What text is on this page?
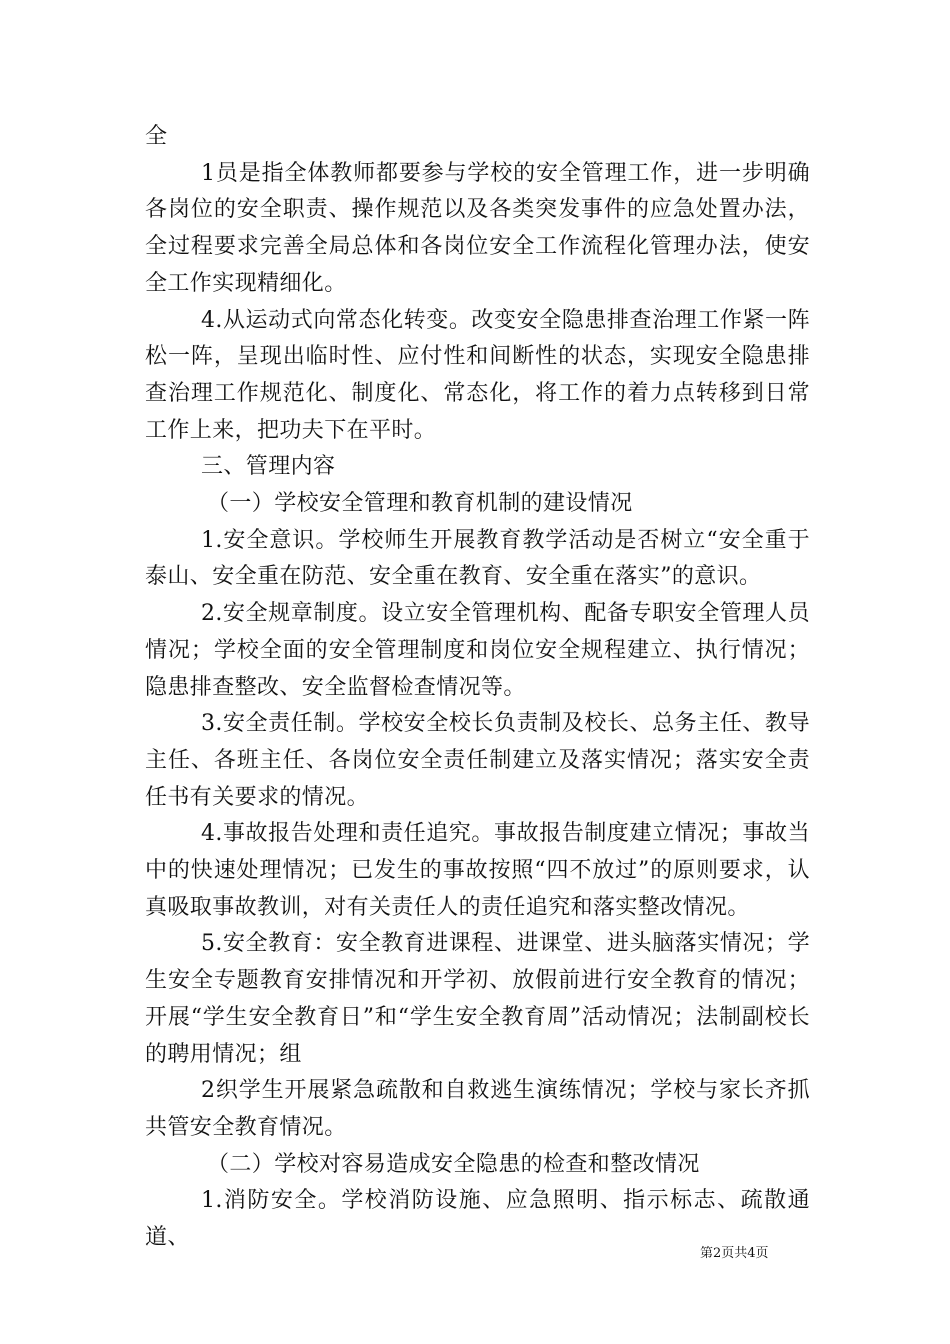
全

1员是指全体教师都要参与学校的安全管理工作，进一步明确各岗位的安全职责、操作规范以及各类突发事件的应急处置办法，全过程要求完善全局总体和各岗位安全工作流程化管理办法，使安全工作实现精细化。

4.从运动式向常态化转变。改变安全隐患排查治理工作紧一阵松一阵，呈现出临时性、应付性和间断性的状态，实现安全隐患排查治理工作规范化、制度化、常态化，将工作的着力点转移到日常工作上来，把功夫下在平时。

三、管理内容

（一）学校安全管理和教育机制的建设情况

1.安全意识。学校师生开展教育教学活动是否树立“安全重于泰山、安全重在防范、安全重在教育、安全重在落实”的意识。

2.安全规章制度。设立安全管理机构、配备专职安全管理人员情况；学校全面的安全管理制度和岗位安全规程建立、执行情况；隐患排查整改、安全监督检查情况等。

3.安全责任制。学校安全校长负责制及校长、总务主任、教导主任、各班主任、各岗位安全责任制建立及落实情况；落实安全责任书有关要求的情况。

4.事故报告处理和责任追究。事故报告制度建立情况；事故当中的快速处理情况；已发生的事故按照“四不放过”的原则要求，认真吸取事故教训，对有关责任人的责任追究和落实整改情况。

5.安全教育：安全教育进课程、进课堂、进头脑落实情况；学生安全专题教育安排情况和开学初、放假前进行安全教育的情况；开展“学生安全教育日”和“学生安全教育周”活动情况；法制副校长的聘用情况；组

2织学生开展紧急疏散和自救逃生演练情况；学校与家长齐抓共管安全教育情况。

（二）学校对容易造成安全隐患的检查和整改情况

1.消防安全。学校消防设施、应急照明、指示标志、疏散通道、

第2页共4页
